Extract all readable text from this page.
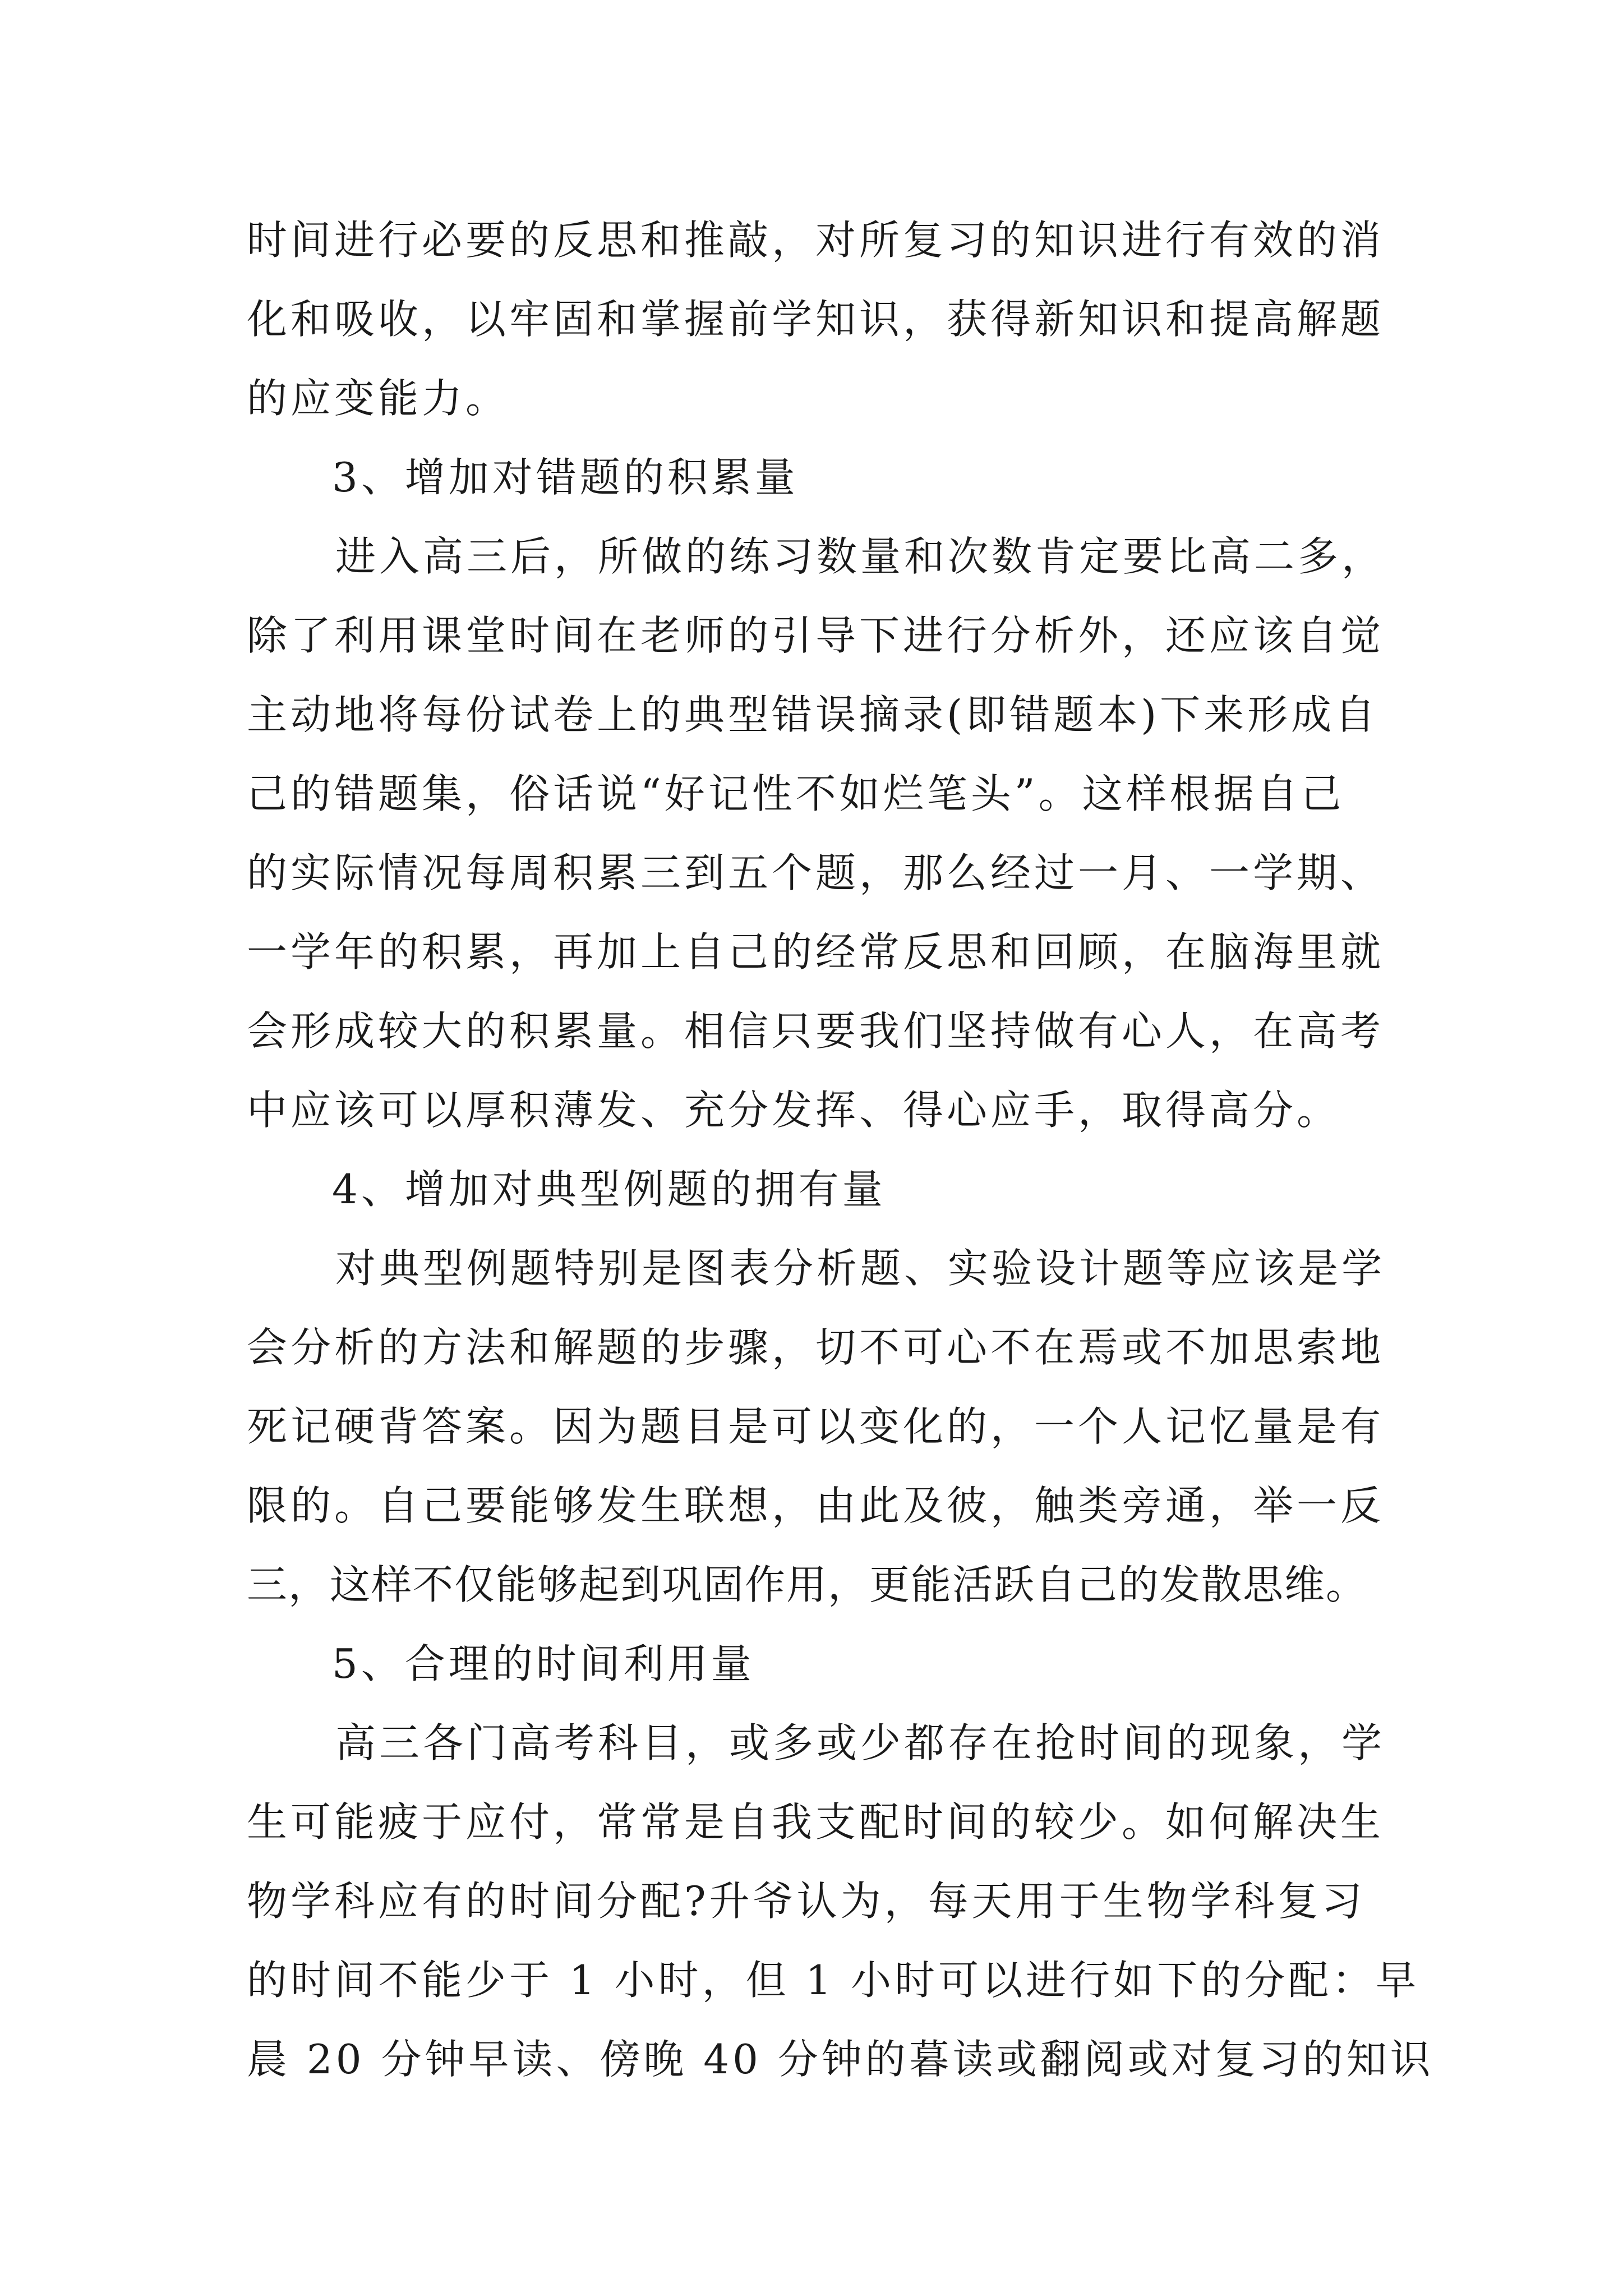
时间进行必要的反思和推敲，对所复习的知识进行有效的消
化和吸收，以牢固和掌握前学知识，获得新知识和提高解题
的应变能力。
3、增加对错题的积累量
进入高三后，所做的练习数量和次数肯定要比高二多，
除了利用课堂时间在老师的引导下进行分析外，还应该自觉
主动地将每份试卷上的典型错误摘录(即错题本)下来形成自
己的错题集，俗话说“好记性不如烂笔头”。这样根据自己
的实际情况每周积累三到五个题，那么经过一月、一学期、
一学年的积累，再加上自己的经常反思和回顾，在脑海里就
会形成较大的积累量。相信只要我们坚持做有心人，在高考
中应该可以厚积薄发、充分发挥、得心应手，取得高分。
4、增加对典型例题的拥有量
对典型例题特别是图表分析题、实验设计题等应该是学
会分析的方法和解题的步骤，切不可心不在焉或不加思索地
死记硬背答案。因为题目是可以变化的，一个人记忆量是有
限的。自己要能够发生联想，由此及彼，触类旁通，举一反
三，这样不仅能够起到巩固作用，更能活跃自己的发散思维。
5、合理的时间利用量
高三各门高考科目，或多或少都存在抢时间的现象，学
生可能疲于应付，常常是自我支配时间的较少。如何解决生
物学科应有的时间分配?升爷认为，每天用于生物学科复习
的时间不能少于 1 小时，但 1 小时可以进行如下的分配：早
晨 20 分钟早读、傍晚 40 分钟的暮读或翻阅或对复习的知识
